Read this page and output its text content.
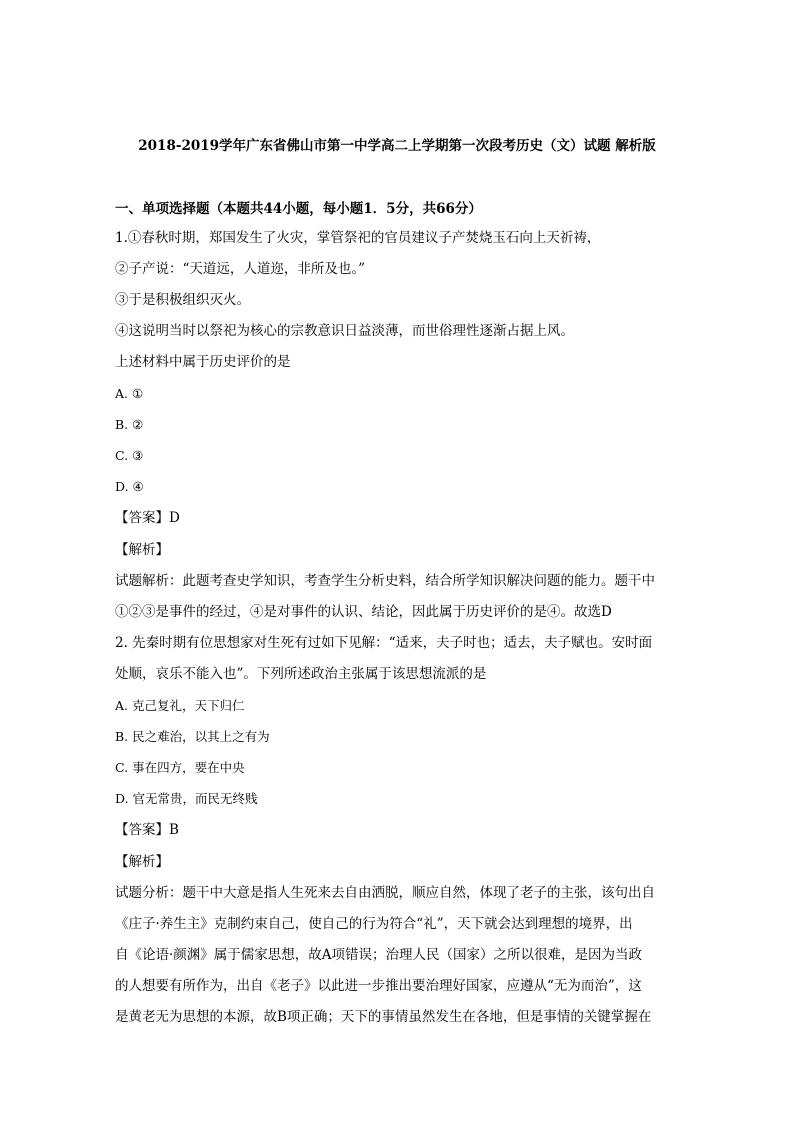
2018-2019学年广东省佛山市第一中学高二上学期第一次段考历史（文）试题 解析版
一、单项选择题（本题共44小题，每小题1．5分，共66分）
1.①春秋时期，郑国发生了火灾，掌管祭祀的官员建议子产焚烧玉石向上天祈祷，
②子产说：“天道远，人道迩，非所及也。”
③于是积极组织灭火。
④这说明当时以祭祀为核心的宗教意识日益淡薄，而世俗理性逐渐占据上风。
上述材料中属于历史评价的是
A. ①
B. ②
C. ③
D. ④
【答案】D
【解析】
试题解析：此题考查史学知识，考查学生分析史料，结合所学知识解决问题的能力。题干中
①②③是事件的经过，④是对事件的认识、结论，因此属于历史评价的是④。故选D
2. 先秦时期有位思想家对生死有过如下见解：“适来，夫子时也；适去，夫子赋也。安时面
处顺，哀乐不能入也”。下列所述政治主张属于该思想流派的是
A. 克己复礼，天下归仁
B. 民之难治，以其上之有为
C. 事在四方，要在中央
D. 官无常贵，而民无终贱
【答案】B
【解析】
试题分析：题干中大意是指人生死来去自由洒脱，顺应自然，体现了老子的主张，该句出自
《庄子·养生主》克制约束自己，使自己的行为符合“礼”，天下就会达到理想的境界，出
自《论语·颜渊》属于儒家思想，故A项错误；治理人民（国家）之所以很难，是因为当政
的人想要有所作为，出自《老子》以此进一步推出要治理好国家，应遵从“无为而治”，这
是黄老无为思想的本源，故B项正确；天下的事情虽然发生在各地，但是事情的关键掌握在
